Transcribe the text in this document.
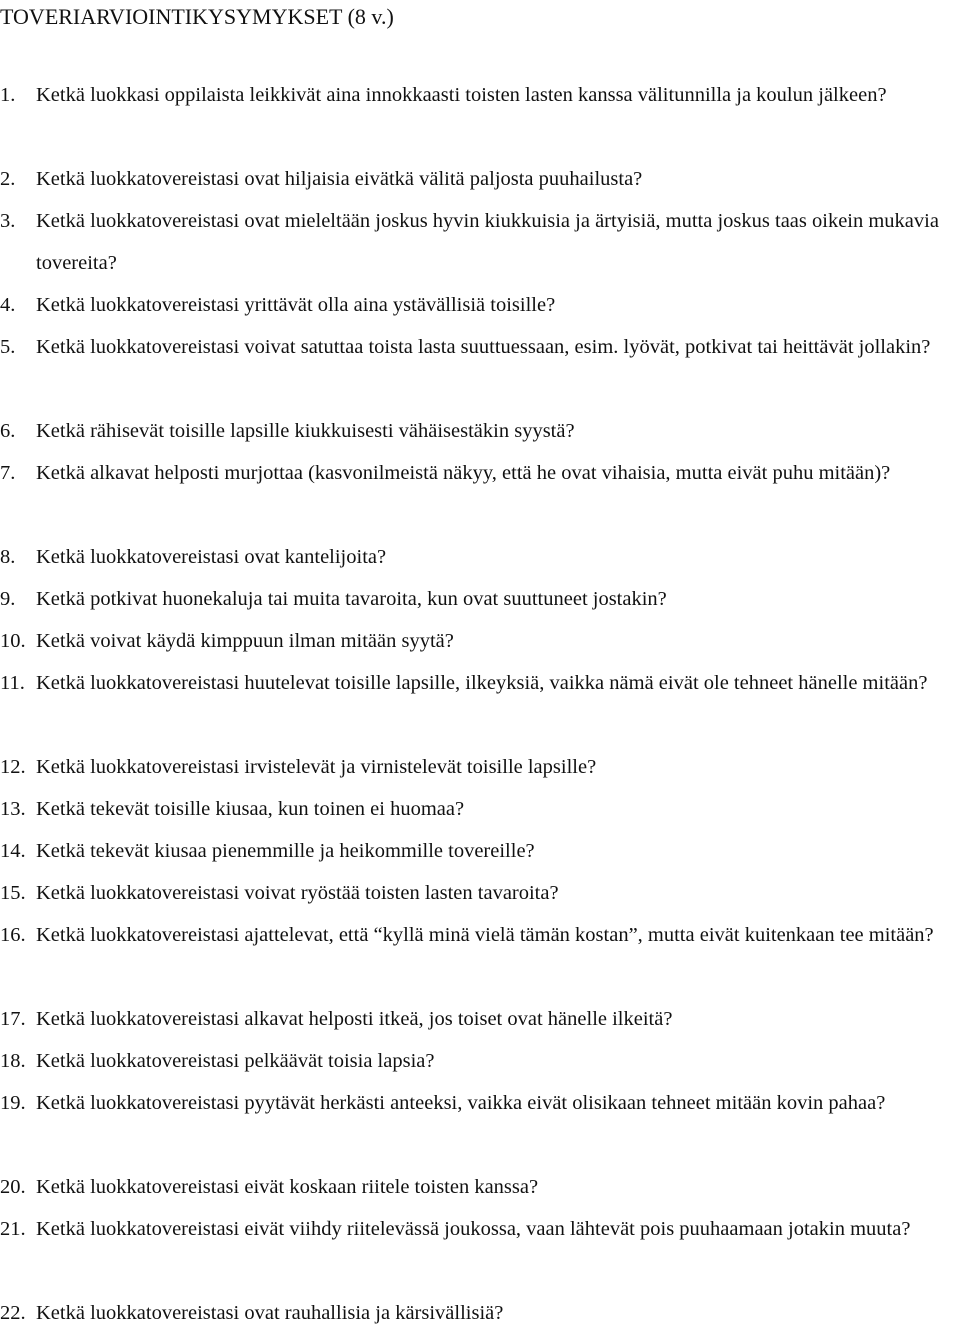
TOVERIARVIOINTIKYSYMYKSET (8 v.)
1. Ketkä luokkasi oppilaista leikkivät aina innokkaasti toisten lasten kanssa välitunnilla ja koulun jälkeen?
2. Ketkä luokkatovereistasi ovat hiljaisia eivätkä välitä paljosta puuhailusta?
3. Ketkä luokkatovereistasi ovat mieleltään joskus hyvin kiukkuisia ja ärtyisiä, mutta joskus taas oikein mukavia tovereita?
4. Ketkä luokkatovereistasi yrittävät olla aina ystävällisiä toisille?
5. Ketkä luokkatovereistasi voivat satuttaa toista lasta suuttuessaan, esim. lyövät, potkivat tai heittävät jollakin?
6. Ketkä rähisevät toisille lapsille kiukkuisesti vähäisestäkin syystä?
7. Ketkä alkavat helposti murjottaa (kasvonilmeistä näkyy, että he ovat vihaisia, mutta eivät puhu mitään)?
8. Ketkä luokkatovereistasi ovat kantelijoita?
9. Ketkä potkivat huonekaluja tai muita tavaroita, kun ovat suuttuneet jostakin?
10. Ketkä voivat käydä kimppuun ilman mitään syytä?
11. Ketkä luokkatovereistasi huutelevat toisille lapsille, ilkeyksiä, vaikka nämä eivät ole tehneet hänelle mitään?
12. Ketkä luokkatovereistasi irvistelevät ja virnistelevät toisille lapsille?
13. Ketkä tekevät toisille kiusaa, kun toinen ei huomaa?
14. Ketkä tekevät kiusaa pienemmille ja heikommille tovereille?
15. Ketkä luokkatovereistasi voivat ryöstää toisten lasten tavaroita?
16. Ketkä luokkatovereistasi ajattelevat, että “kyllä minä vielä tämän kostan”, mutta eivät kuitenkaan tee mitään?
17. Ketkä luokkatovereistasi alkavat helposti itkeä, jos toiset ovat hänelle ilkeitä?
18. Ketkä luokkatovereistasi pelkäävät toisia lapsia?
19. Ketkä luokkatovereistasi pyytävät herkästi anteeksi, vaikka eivät olisikaan tehneet mitään kovin pahaa?
20. Ketkä luokkatovereistasi eivät koskaan riitele toisten kanssa?
21. Ketkä luokkatovereistasi eivät viihdy riitelevässä joukossa, vaan lähtevät pois puuhaamaan jotakin muuta?
22. Ketkä luokkatovereistasi ovat rauhallisia ja kärsivällisiä?
